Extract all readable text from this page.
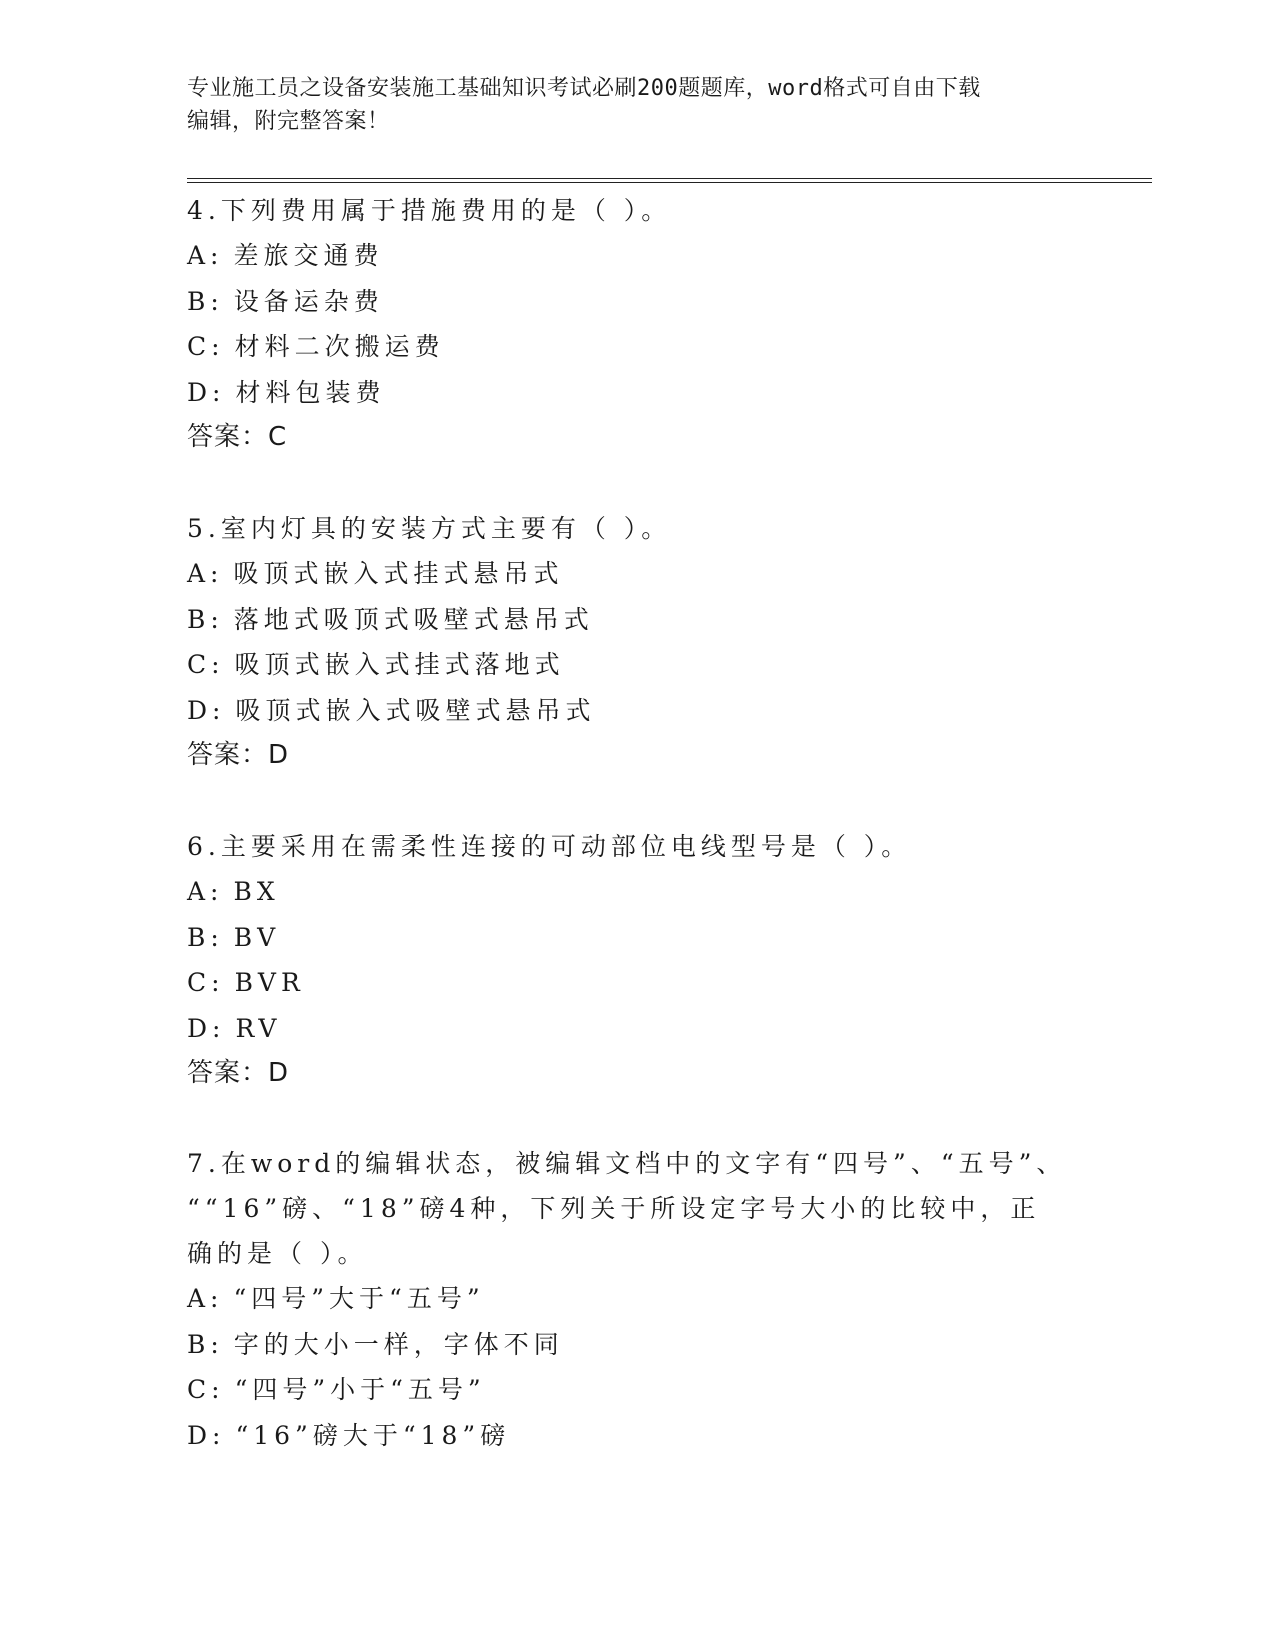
专业施工员之设备安装施工基础知识考试必刷200题题库，word格式可自由下载
编辑，附完整答案！
4.下列费用属于措施费用的是（ ）。
A: 差旅交通费
B: 设备运杂费
C: 材料二次搬运费
D: 材料包装费
答案：C
5.室内灯具的安装方式主要有（ ）。
A: 吸顶式嵌入式挂式悬吊式
B: 落地式吸顶式吸壁式悬吊式
C: 吸顶式嵌入式挂式落地式
D: 吸顶式嵌入式吸壁式悬吊式
答案：D
6.主要采用在需柔性连接的可动部位电线型号是（ ）。
A: BX
B: BV
C: BVR
D: RV
答案：D
7.在word的编辑状态，被编辑文档中的文字有“四号”、“五号”、
““16”磅、“18”磅4种，下列关于所设定字号大小的比较中，正
确的是（ ）。
A: “四号”大于“五号”
B: 字的大小一样，字体不同
C: “四号”小于“五号”
D: “16”磅大于“18”磅
